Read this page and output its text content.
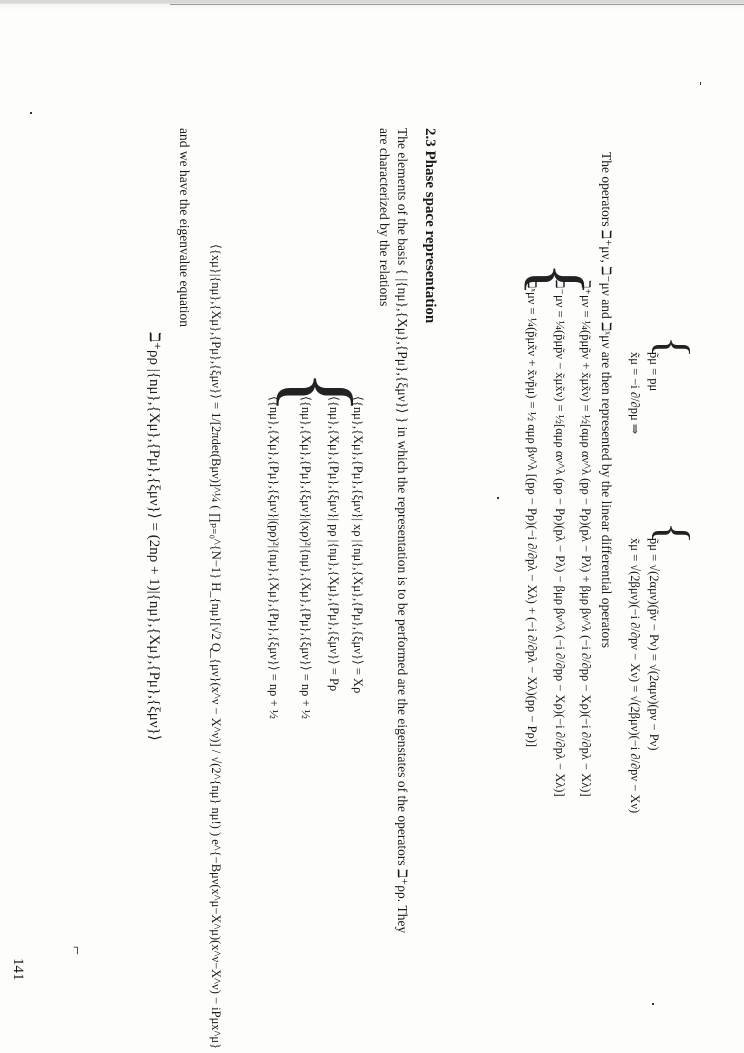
{
p̃μ = pμ
x̃μ = −i ∂/∂pμ ⇒
{
p̃μ = √(2αμν)(p̃ν − Pν) = √(2αμν)(pν − Pν)
x̃μ = √(2βμν)(−i ∂/∂pν − Xν) = √(2βμν)(−i ∂/∂pν − Xν)
The operators ℶ⁺μν, ℶ⁻μν and ℶˣμν are then represented by the linear differential operators
{
ℶ⁺μν = ¼(p̃μp̃ν + x̃μx̃ν) = ½[αμρ αν^λ (pρ − Pρ)(pλ − Pλ) + βμρ βν^λ (−i ∂/∂pρ − Xρ)(−i ∂/∂pλ − Xλ)]
ℶ⁻μν = ¼(p̃μp̃ν − x̃μx̃ν) = ½[αμρ αν^λ (pρ − Pρ)(pλ − Pλ) − βμρ βν^λ (−i ∂/∂pρ − Xρ)(−i ∂/∂pλ − Xλ)]
ℶˣμν = ¼(p̃μx̃ν + x̃νp̃μ) = ½ αμρ βν^λ [(pρ − Pρ)(−i ∂/∂pλ − Xλ) + (−i ∂/∂pλ − Xλ)(pρ − Pρ)]
2.3 Phase space representation
The elements of the basis { |{nμ},{Xμ},{Pμ},{ξμν}⟩ } in which the representation is to be performed are the eigenstates of the operators ℶ⁺ρρ. They
are characterized by the relations
{
⟨{nμ},{Xμ},{Pμ},{ξμν}| xρ |{nμ},{Xμ},{Pμ},{ξμν}⟩ = Xρ
⟨{nμ},{Xμ},{Pμ},{ξμν}| pρ |{nμ},{Xμ},{Pμ},{ξμν}⟩ = Pρ
⟨{nμ},{Xμ},{Pμ},{ξμν}|(xρ)²|{nμ},{Xμ},{Pμ},{ξμν}⟩ = nρ + ½
⟨{nμ},{Xμ},{Pμ},{ξμν}|(pρ)²|{nμ},{Xμ},{Pμ},{ξμν}⟩ = nρ + ½
⟨{xμ}|{nμ},{Xμ},{Pμ},{ξμν}⟩ = 1/[2πdet(Bμν)]^¼ ( ∏ₚ₌₀^{N−1} H_{nμ}[√2 Q_{μν}(x^ν − X^ν)] / √(2^{nμ} nμ!) ) e^{−Bμν(x^μ−X^μ)(x^ν−X^ν) − iPμx^μ}
and we have the eigenvalue equation
ℶ⁺ρρ |{nμ},{Xμ},{Pμ},{ξμν}⟩ = (2nρ + 1)|{nμ},{Xμ},{Pμ},{ξμν}⟩
141
⌐
